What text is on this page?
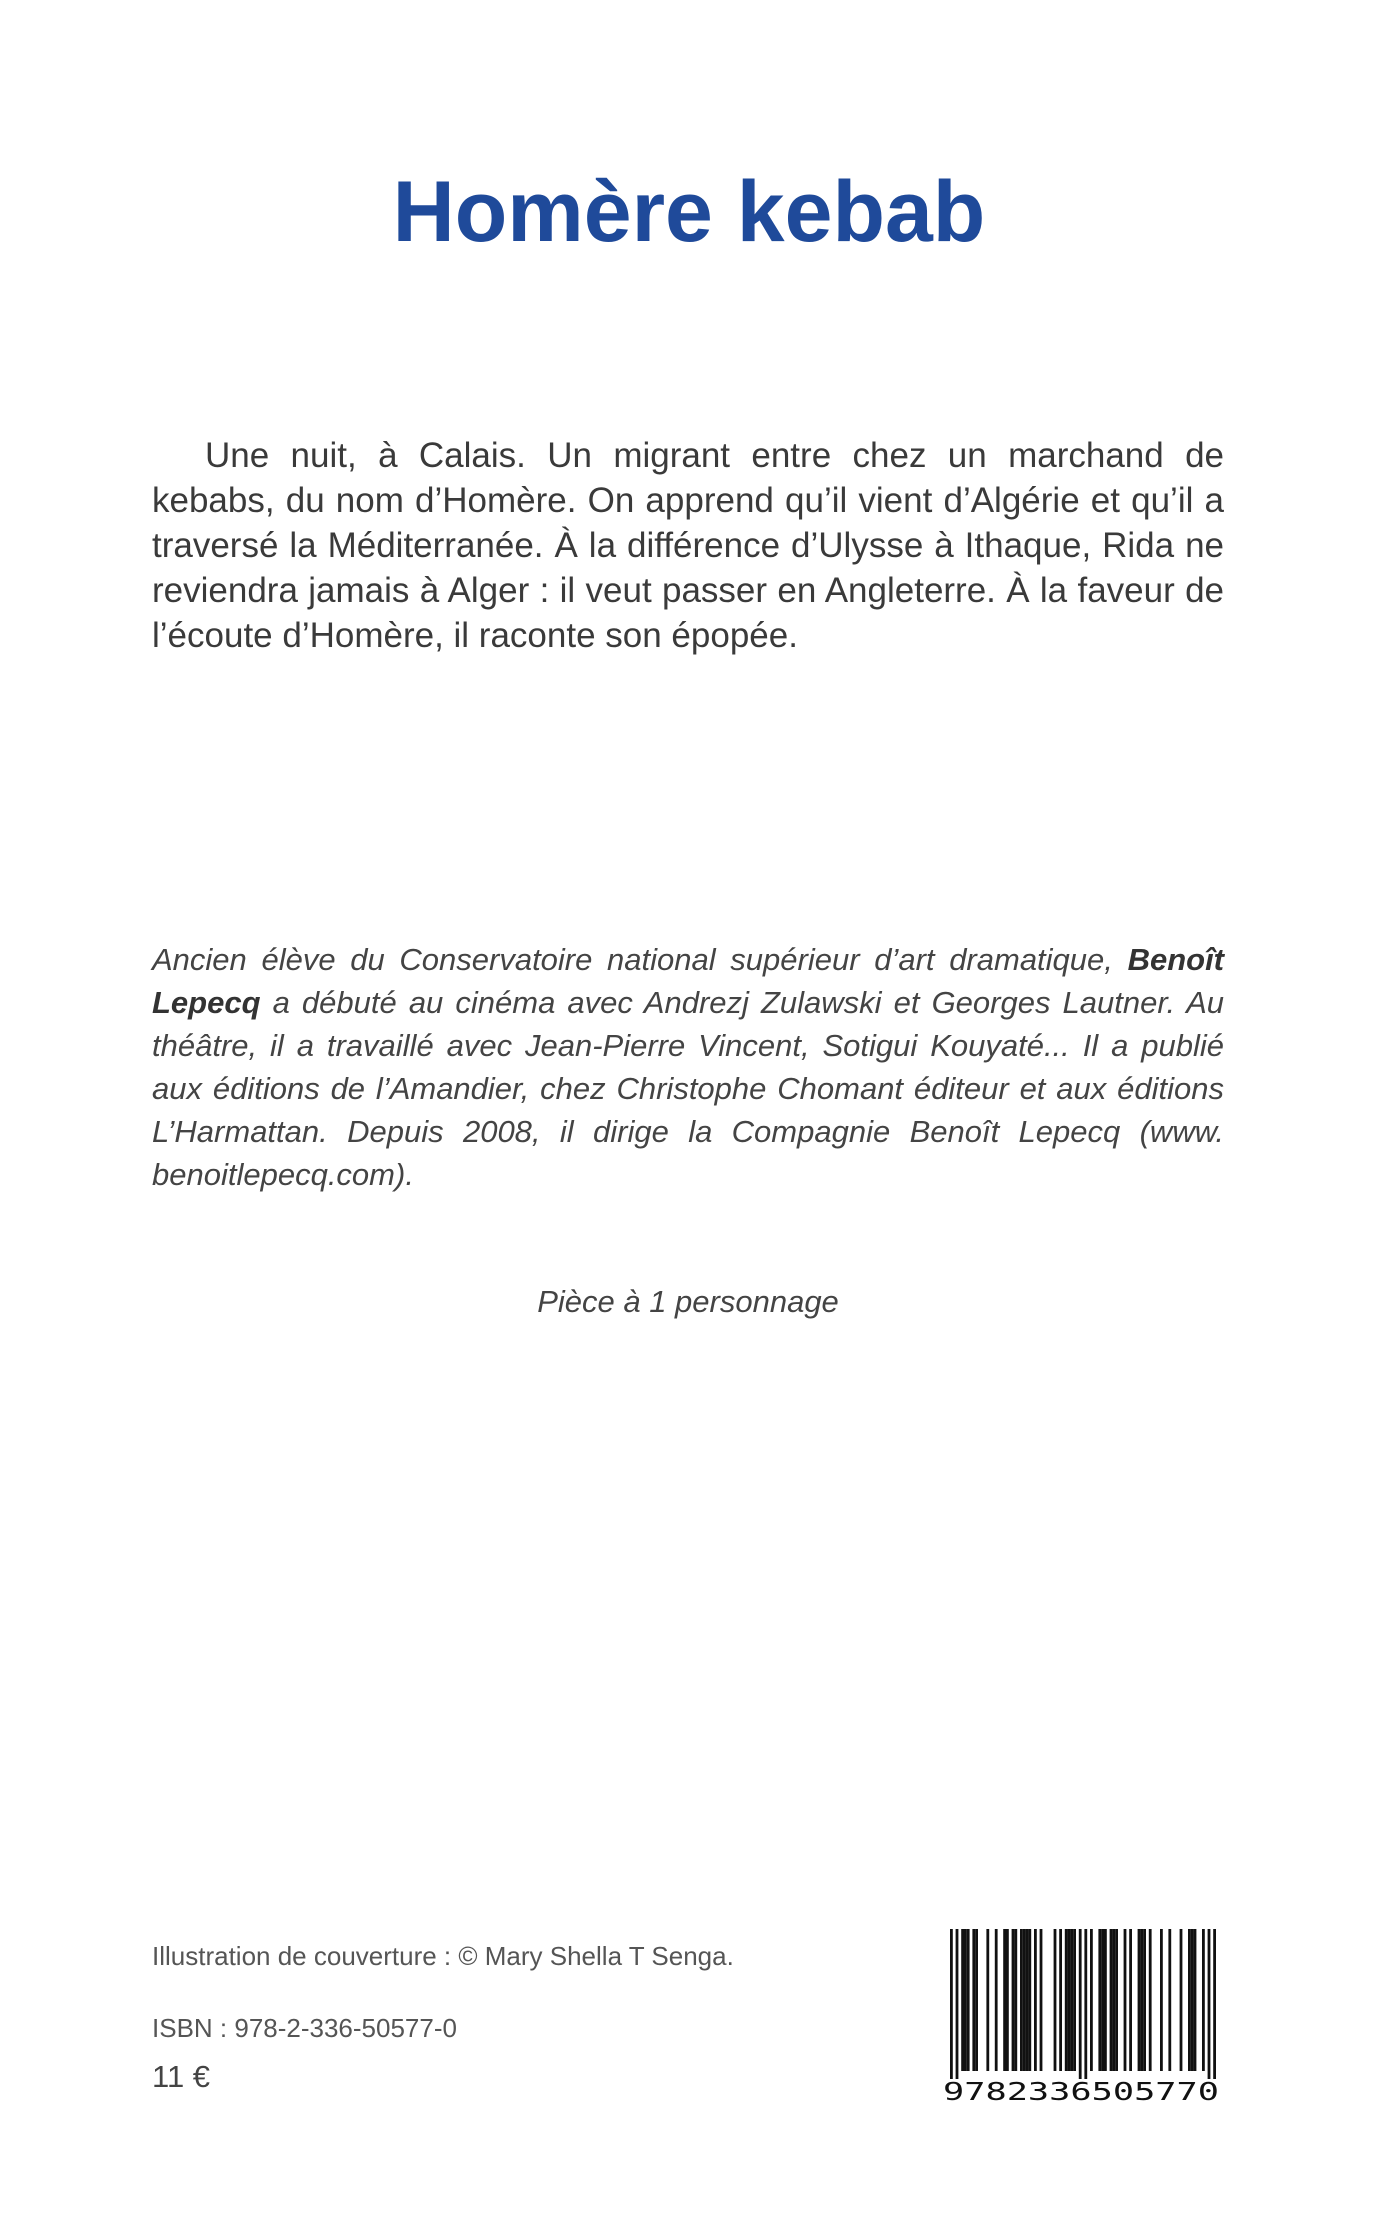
Homère kebab

Une nuit, à Calais. Un migrant entre chez un marchand de kebabs, du nom d’Homère. On apprend qu’il vient d’Algérie et qu’il a traversé la Méditerranée. À la différence d’Ulysse à Ithaque, Rida ne reviendra jamais à Alger : il veut passer en Angleterre. À la faveur de l’écoute d’Homère, il raconte son épopée.

Ancien élève du Conservatoire national supérieur d’art dramatique, Benoît Lepecq a débuté au cinéma avec Andrezj Zulawski et Georges Lautner. Au théâtre, il a travaillé avec Jean-Pierre Vincent, Sotigui Kouyaté... Il a publié aux éditions de l’Amandier, chez Christophe Chomant éditeur et aux éditions L’Harmattan. Depuis 2008, il dirige la Compagnie Benoît Lepecq (www. benoitlepecq.com).

Pièce à 1 personnage

Illustration de couverture : © Mary Shella T Senga.

ISBN : 978-2-336-50577-0

11 €	9782336505770
